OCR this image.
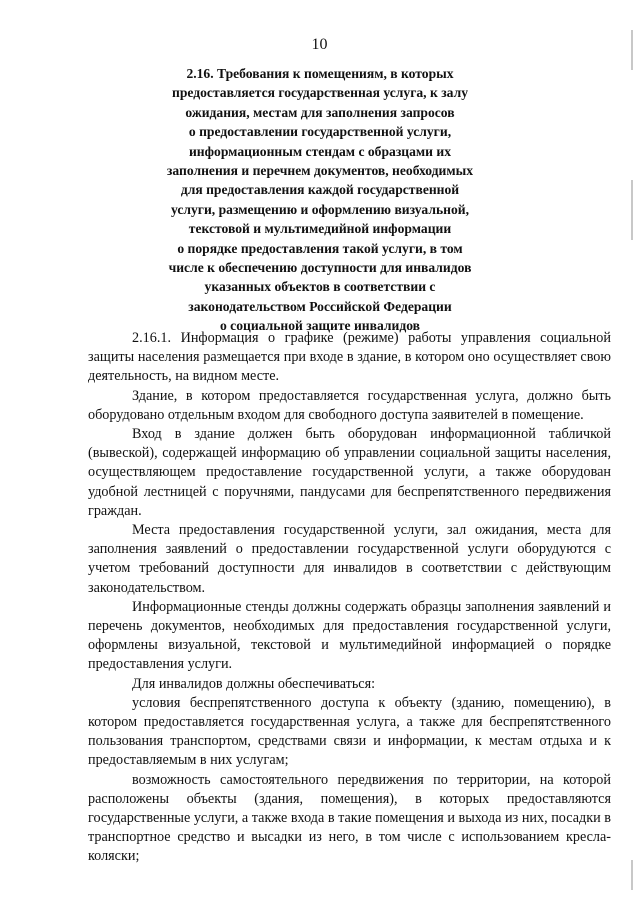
10
2.16. Требования к помещениям, в которых
предоставляется государственная услуга, к залу
ожидания, местам для заполнения запросов
о предоставлении государственной услуги,
информационным стендам с образцами их
заполнения и перечнем документов, необходимых
для предоставления каждой государственной
услуги, размещению и оформлению визуальной,
текстовой и мультимедийной информации
о порядке предоставления такой услуги, в том
числе к обеспечению доступности для инвалидов
указанных объектов в соответствии с
законодательством Российской Федерации
о социальной защите инвалидов

2.16.1. Информация о графике (режиме) работы управления социальной защиты населения размещается при входе в здание, в котором оно осуществляет свою деятельность, на видном месте.

Здание, в котором предоставляется государственная услуга, должно быть оборудовано отдельным входом для свободного доступа заявителей в помещение.

Вход в здание должен быть оборудован информационной табличкой (вывеской), содержащей информацию об управлении социальной защиты населения, осуществляющем предоставление государственной услуги, а также оборудован удобной лестницей с поручнями, пандусами для беспрепятственного передвижения граждан.

Места предоставления государственной услуги, зал ожидания, места для заполнения заявлений о предоставлении государственной услуги оборудуются с учетом требований доступности для инвалидов в соответствии с действующим законодательством.

Информационные стенды должны содержать образцы заполнения заявлений и перечень документов, необходимых для предоставления государственной услуги, оформлены визуальной, текстовой и мультимедийной информацией о порядке предоставления услуги.

Для инвалидов должны обеспечиваться:

условия беспрепятственного доступа к объекту (зданию, помещению), в котором предоставляется государственная услуга, а также для беспрепятственного пользования транспортом, средствами связи и информации, к местам отдыха и к предоставляемым в них услугам;

возможность самостоятельного передвижения по территории, на которой расположены объекты (здания, помещения), в которых предоставляются государственные услуги, а также входа в такие помещения и выхода из них, посадки в транспортное средство и высадки из него, в том числе с использованием кресла-коляски;
